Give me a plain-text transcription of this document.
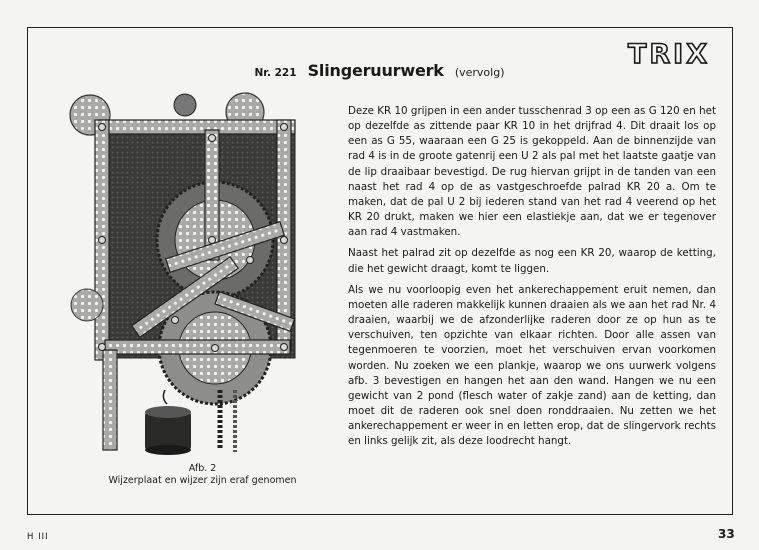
TRIX
Nr. 221 Slingeruurwerk (vervolg)
Afb. 2
Wijzerplaat en wijzer zijn eraf genomen

Deze KR 10 grijpen in een ander tusschenrad 3 op een as G 120 en het op dezelfde as zittende paar KR 10 in het drijfrad 4. Dit draait los op een as G 55, waaraan een G 25 is gekoppeld. Aan de binnenzijde van rad 4 is in de groote gatenrij een U 2 als pal met het laatste gaatje van de lip draaibaar bevestigd. De rug hiervan grijpt in de tanden van een naast het rad 4 op de as vastgeschroefde palrad KR 20 a. Om te maken, dat de pal U 2 bij iederen stand van het rad 4 veerend op het KR 20 drukt, maken we hier een elastiekje aan, dat we er tegenover aan rad 4 vastmaken.

Naast het palrad zit op dezelfde as nog een KR 20, waarop de ketting, die het gewicht draagt, komt te liggen.

Als we nu voorloopig even het ankerechappement eruit nemen, dan moeten alle raderen makkelijk kunnen draaien als we aan het rad Nr. 4 draaien, waarbij we de afzonderlijke raderen door ze op hun as te verschuiven, ten opzichte van elkaar richten. Door alle assen van tegenmoeren te voorzien, moet het verschuiven ervan voorkomen worden. Nu zoeken we een plankje, waarop we ons uurwerk volgens afb. 3 bevestigen en hangen het aan den wand. Hangen we nu een gewicht van 2 pond (flesch water of zakje zand) aan de ketting, dan moet dit de raderen ook snel doen ronddraaien. Nu zetten we het ankerechappement er weer in en letten erop, dat de slingervork rechts en links gelijk zit, als deze loodrecht hangt.

H III	33
